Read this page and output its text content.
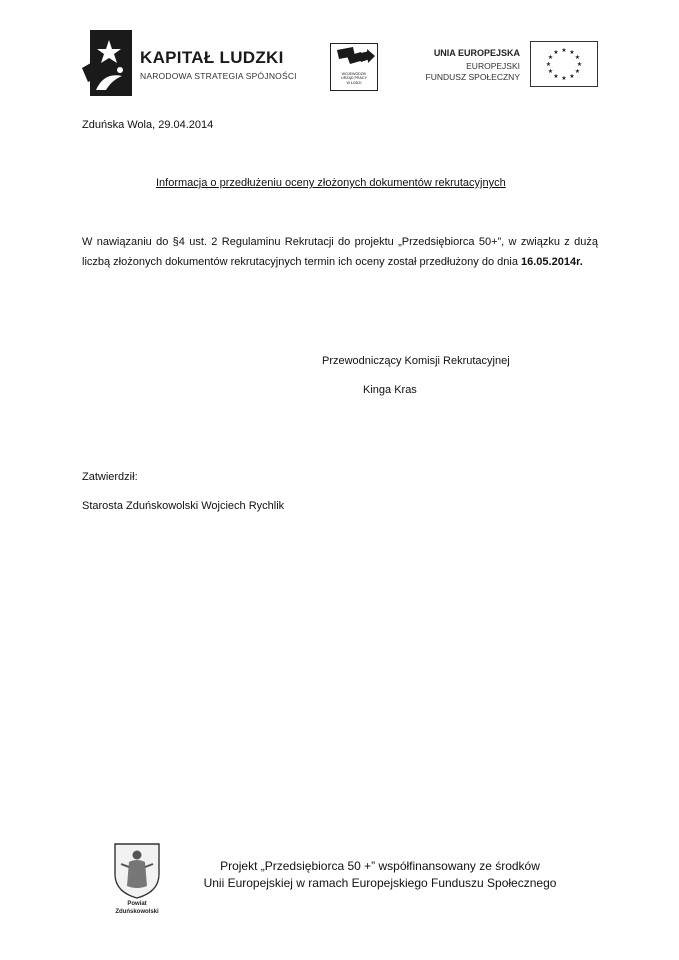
KAPITAŁ LUDZKI
NARODOWA STRATEGIA SPÓJNOŚCI	WOJEWÓDZKI
URZĄD PRACY
W ŁODZI
UNIA EUROPEJSKA
EUROPEJSKI
FUNDUSZ SPOŁECZNY
★ ★
★
★
★
★
★
★
★
★
★
★
Zduńska Wola, 29.04.2014
Informacja o przedłużeniu oceny złożonych dokumentów rekrutacyjnych
W nawiązaniu do §4 ust. 2 Regulaminu Rekrutacji do projektu „Przedsiębiorca 50+”, w związku z dużą liczbą złożonych dokumentów rekrutacyjnych termin ich oceny został przedłużony do dnia 16.05.2014r.
Przewodniczący Komisji Rekrutacyjnej
Kinga Kras
Zatwierdził:
Starosta Zduńskowolski Wojciech Rychlik
Powiat
Zduńskowolski
Projekt „Przedsiębiorca 50 +” współfinansowany ze środków
Unii Europejskiej w ramach Europejskiego Funduszu Społecznego
